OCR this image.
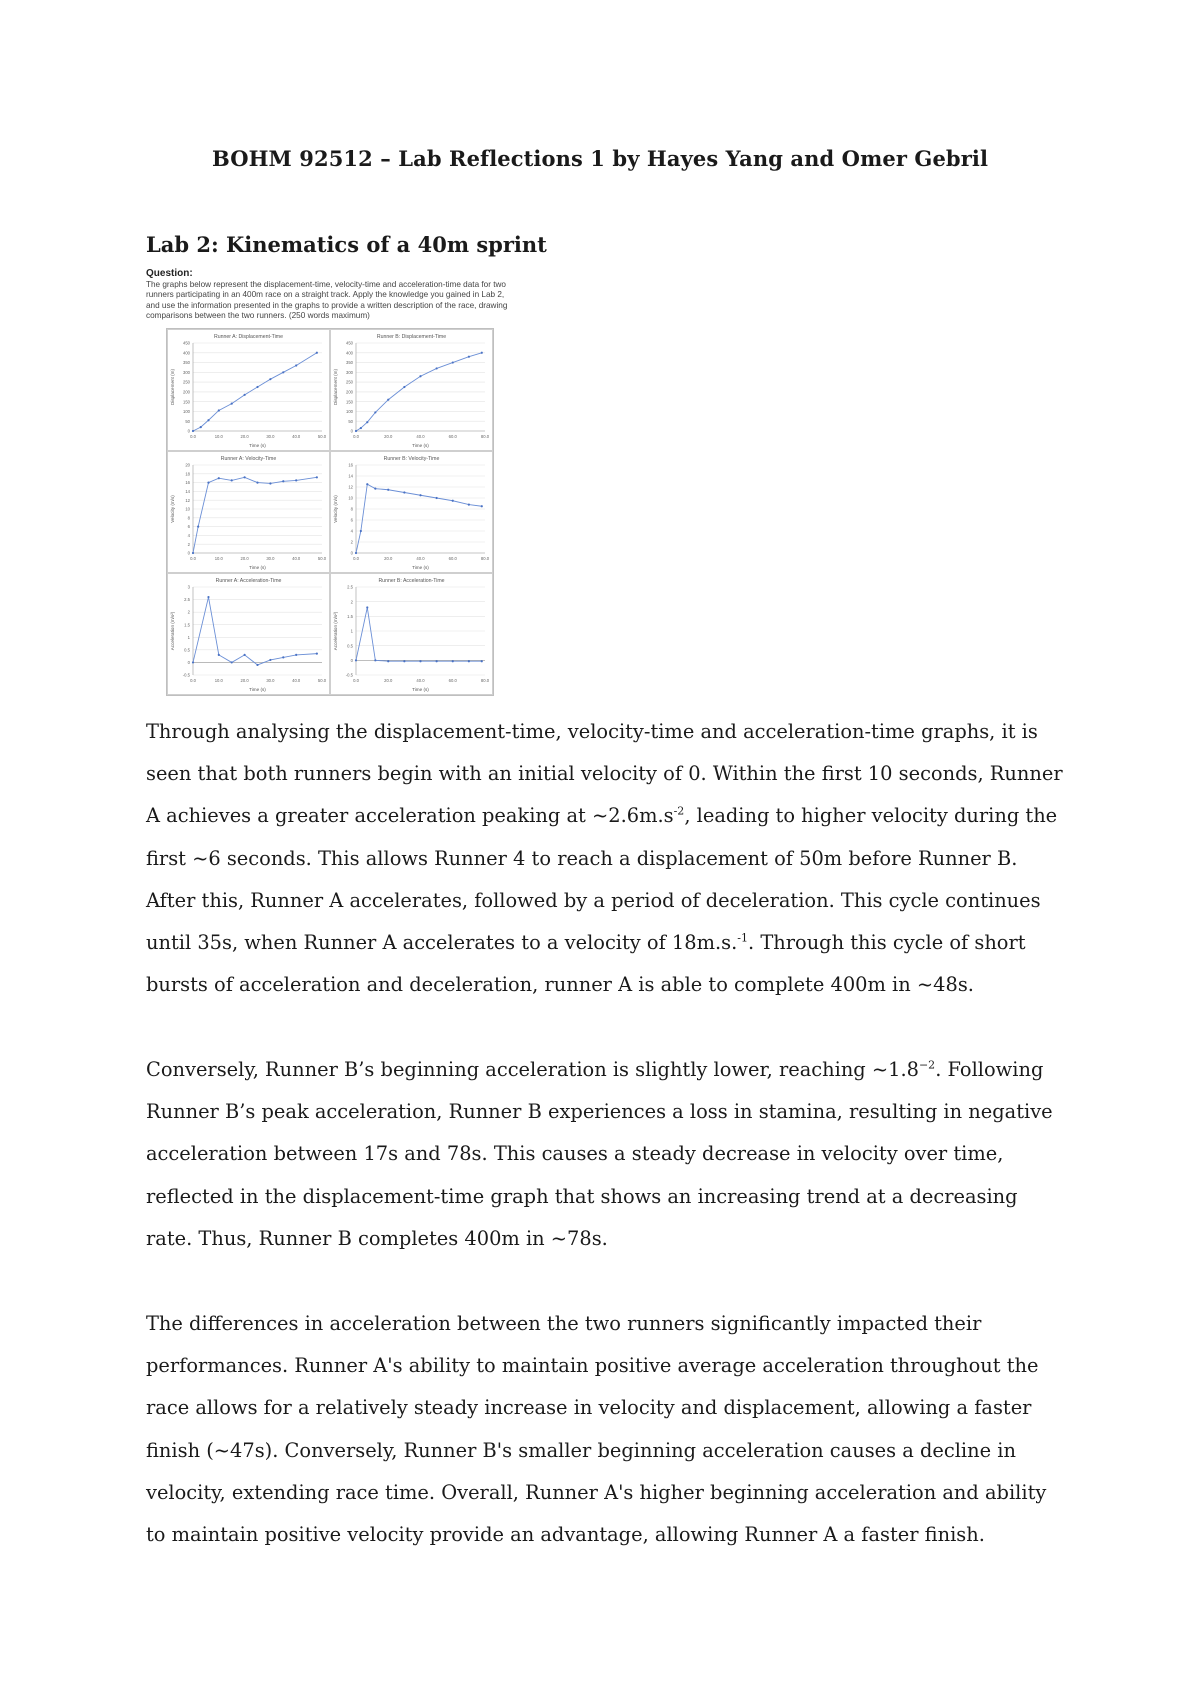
BOHM 92512 – Lab Reflections 1 by Hayes Yang and Omer Gebril
Lab 2: Kinematics of a 40m sprint
Question:
The graphs below represent the displacement-time, velocity-time and acceleration-time data for two runners participating in an 400m race on a straight track. Apply the knowledge you gained in Lab 2, and use the information presented in the graphs to provide a written description of the race, drawing comparisons between the two runners. (250 words maximum)
Runner A: Displacement-Time
0
50
100
150
200
250
300
350
400
450
0.0	10.0	20.0	30.0	40.0	50.0
Time (s)
Displacement (m)
Runner B: Displacement-Time
0
50
100
150
200
250
300
350
400
450
0.0	20.0	40.0	60.0	80.0
Time (s)
Displacement (m)
Runner A: Velocity-Time
0
2
4
6
8
10
12
14
16
18
20
0.0	10.0	20.0	30.0	40.0	50.0
Time (s)
Velocity (m/s)
Runner B: Velocity-Time
0
2
4
6
8
10
12
14
16
0.0	20.0	40.0	60.0	80.0
Time (s)
Velocity (m/s)
Runner A: Acceleration-Time
-0.5
0
0.5
1
1.5
2
2.5
3
0.0	10.0	20.0	30.0	40.0	50.0
Time (s)
Acceleration (m/s²)
Runner B: Acceleration-Time
-0.5
0
0.5
1
1.5
2
2.5
0.0	20.0	40.0	60.0	80.0
Time (s)
Acceleration (m/s²)

Through analysing the displacement-time, velocity-time and acceleration-time graphs, it is seen that both runners begin with an initial velocity of 0. Within the first 10 seconds, Runner A achieves a greater acceleration peaking at $\sim 2.6m.s^{-2}$, leading to higher velocity during the first ~6 seconds. This allows Runner 4 to reach a displacement of 50m before Runner B. After this, Runner A accelerates, followed by a period of deceleration. This cycle continues until 35s, when Runner A accelerates to a velocity of 18m.s.$^{-1}$. Through this cycle of short bursts of acceleration and deceleration, runner A is able to complete 400m in ~48s.

Conversely, Runner B’s beginning acceleration is slightly lower, reaching $\sim 1.8^{-2}$. Following Runner B’s peak acceleration, Runner B experiences a loss in stamina, resulting in negative acceleration between 17s and 78s. This causes a steady decrease in velocity over time, reflected in the displacement-time graph that shows an increasing trend at a decreasing rate. Thus, Runner B completes 400m in ~78s.

The differences in acceleration between the two runners significantly impacted their performances. Runner A's ability to maintain positive average acceleration throughout the race allows for a relatively steady increase in velocity and displacement, allowing a faster finish (~47s). Conversely, Runner B's smaller beginning acceleration causes a decline in velocity, extending race time. Overall, Runner A's higher beginning acceleration and ability to maintain positive velocity provide an advantage, allowing Runner A a faster finish.
